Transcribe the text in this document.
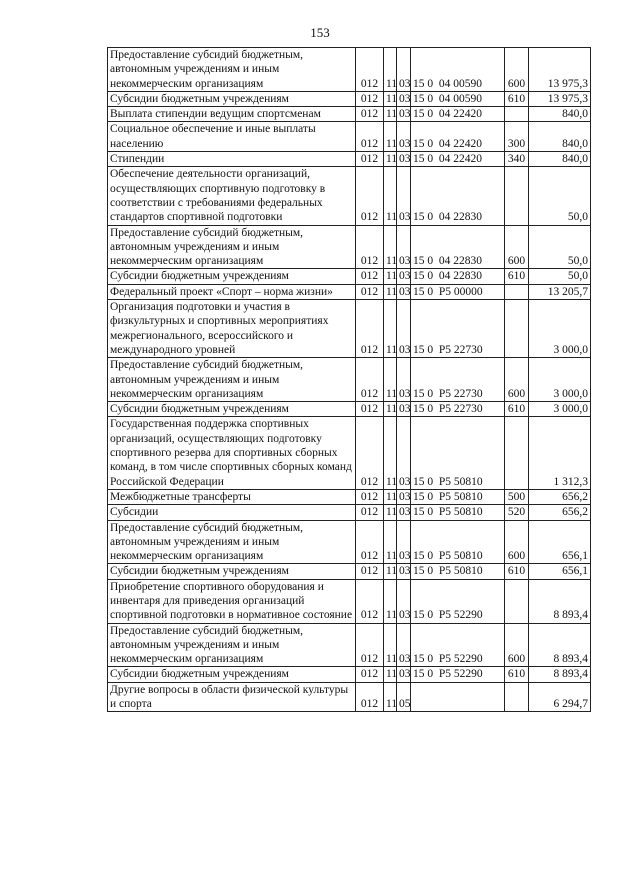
153
Предоставление субсидий бюджетным, автономным учреждениям и иным некоммерческим организациям	012	11	03	15 0  04 00590	600	13 975,3
Субсидии бюджетным учреждениям	012	11	03	15 0  04 00590	610	13 975,3
Выплата стипендии ведущим спортсменам	012	11	03	15 0  04 22420		840,0
Социальное обеспечение и иные выплаты населению	012	11	03	15 0  04 22420	300	840,0
Стипендии	012	11	03	15 0  04 22420	340	840,0
Обеспечение деятельности организаций, осуществляющих спортивную подготовку в соответствии с требованиями федеральных стандартов спортивной подготовки	012	11	03	15 0  04 22830		50,0
Предоставление субсидий бюджетным, автономным учреждениям и иным некоммерческим организациям	012	11	03	15 0  04 22830	600	50,0
Субсидии бюджетным учреждениям	012	11	03	15 0  04 22830	610	50,0
Федеральный проект «Спорт – норма жизни»	012	11	03	15 0  P5 00000		13 205,7
Организация подготовки и участия в физкультурных и спортивных мероприятиях межрегионального, всероссийского и международного уровней	012	11	03	15 0  P5 22730		3 000,0
Предоставление субсидий бюджетным, автономным учреждениям и иным некоммерческим организациям	012	11	03	15 0  P5 22730	600	3 000,0
Субсидии бюджетным учреждениям	012	11	03	15 0  P5 22730	610	3 000,0
Государственная поддержка спортивных организаций, осуществляющих подготовку спортивного резерва для спортивных сборных команд, в том числе спортивных сборных команд Российской Федерации	012	11	03	15 0  P5 50810		1 312,3
Межбюджетные трансферты	012	11	03	15 0  P5 50810	500	656,2
Субсидии	012	11	03	15 0  P5 50810	520	656,2
Предоставление субсидий бюджетным, автономным учреждениям и иным некоммерческим организациям	012	11	03	15 0  P5 50810	600	656,1
Субсидии бюджетным учреждениям	012	11	03	15 0  P5 50810	610	656,1
Приобретение спортивного оборудования и инвентаря для приведения организаций спортивной подготовки в нормативное состояние	012	11	03	15 0  P5 52290		8 893,4
Предоставление субсидий бюджетным, автономным учреждениям и иным некоммерческим организациям	012	11	03	15 0  P5 52290	600	8 893,4
Субсидии бюджетным учреждениям	012	11	03	15 0  P5 52290	610	8 893,4
Другие вопросы в области физической культуры и спорта	012	11	05			6 294,7
